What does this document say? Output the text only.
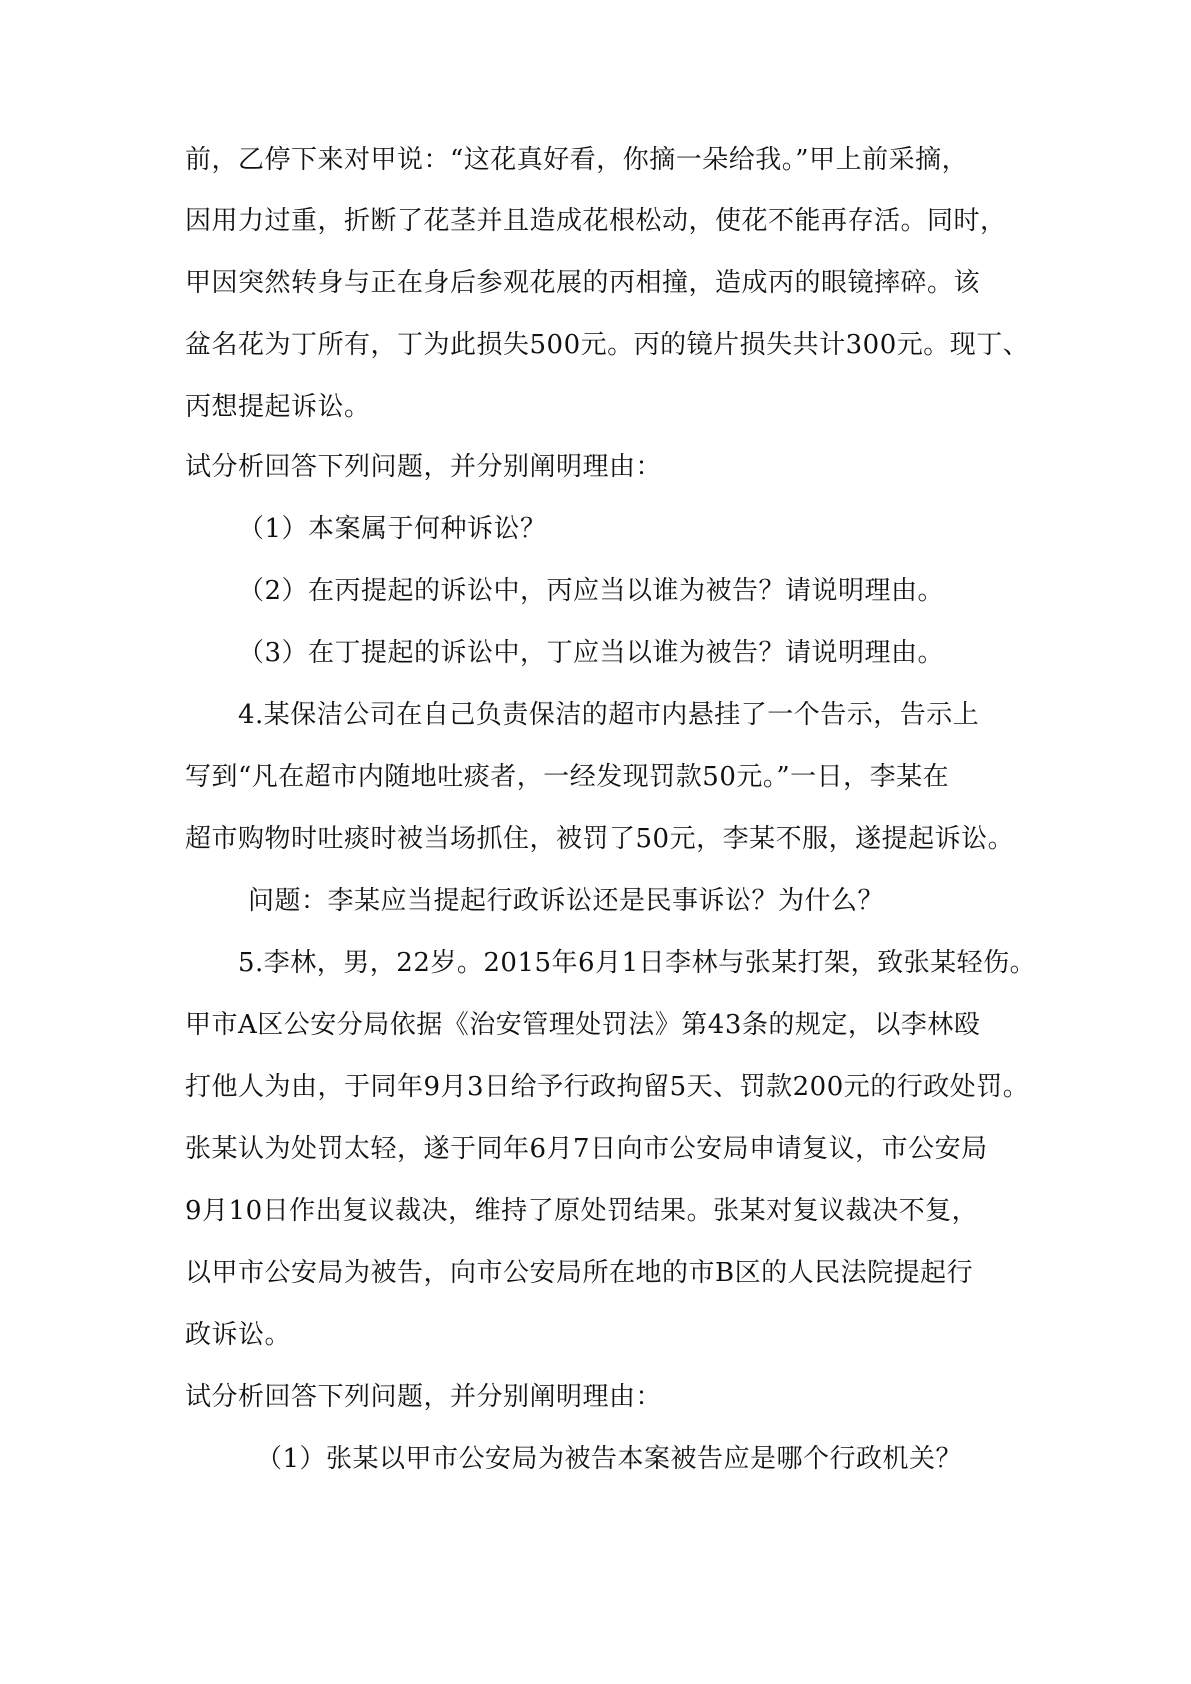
前，乙停下来对甲说：“这花真好看，你摘一朵给我。”甲上前采摘，
因用力过重，折断了花茎并且造成花根松动，使花不能再存活。同时，
甲因突然转身与正在身后参观花展的丙相撞，造成丙的眼镜摔碎。该
盆名花为丁所有，丁为此损失500元。丙的镜片损失共计300元。现丁、
丙想提起诉讼。
试分析回答下列问题，并分别阐明理由：
（1）本案属于何种诉讼？
（2）在丙提起的诉讼中，丙应当以谁为被告？请说明理由。
（3）在丁提起的诉讼中，丁应当以谁为被告？请说明理由。
4.某保洁公司在自己负责保洁的超市内悬挂了一个告示，告示上
写到“凡在超市内随地吐痰者，一经发现罚款50元。”一日，李某在
超市购物时吐痰时被当场抓住，被罚了50元，李某不服，遂提起诉讼。
问题：李某应当提起行政诉讼还是民事诉讼？为什么？
5.李林，男，22岁。2015年6月1日李林与张某打架，致张某轻伤。
甲市A区公安分局依据《治安管理处罚法》第43条的规定，以李林殴
打他人为由，于同年9月3日给予行政拘留5天、罚款200元的行政处罚。
张某认为处罚太轻，遂于同年6月7日向市公安局申请复议，市公安局
9月10日作出复议裁决，维持了原处罚结果。张某对复议裁决不复，
以甲市公安局为被告，向市公安局所在地的市B区的人民法院提起行
政诉讼。
试分析回答下列问题，并分别阐明理由：
（1）张某以甲市公安局为被告本案被告应是哪个行政机关？
